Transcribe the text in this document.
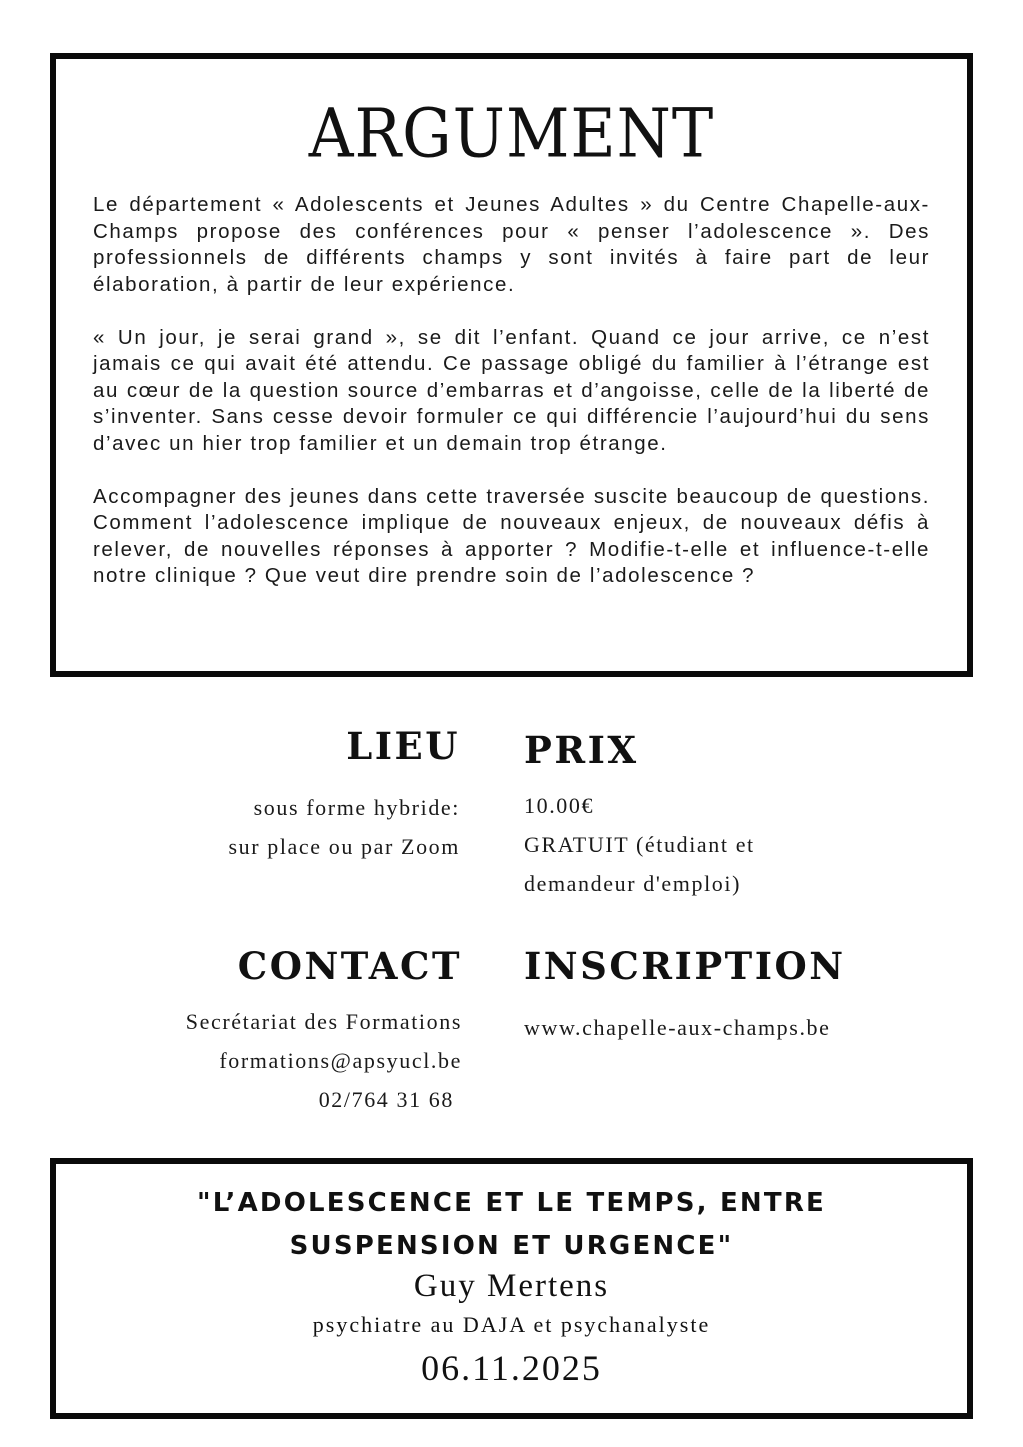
ARGUMENT

Le département « Adolescents et Jeunes Adultes » du Centre Chapelle-aux-Champs propose des conférences pour « penser l’adolescence ». Des professionnels de différents champs y sont invités à faire part de leur élaboration, à partir de leur expérience.

« Un jour, je serai grand », se dit l’enfant. Quand ce jour arrive, ce n’est jamais ce qui avait été attendu. Ce passage obligé du familier à l’étrange est au cœur de la question source d’embarras et d’angoisse, celle de la liberté de s’inventer. Sans cesse devoir formuler ce qui différencie l’aujourd’hui du sens d’avec un hier trop familier et un demain trop étrange.

Accompagner des jeunes dans cette traversée suscite beaucoup de questions. Comment l’adolescence implique de nouveaux enjeux, de nouveaux défis à relever, de nouvelles réponses à apporter ? Modifie-t-elle et influence-t-elle notre clinique ? Que veut dire prendre soin de l’adolescence ?

LIEU
sous forme hybride:
sur place ou par Zoom
PRIX
10.00€
GRATUIT (étudiant et
demandeur d'emploi)
CONTACT
Secrétariat des Formations
formations@apsyucl.be
02/764 31 68
INSCRIPTION
www.chapelle-aux-champs.be
"L’ADOLESCENCE ET LE TEMPS, ENTRE
SUSPENSION ET URGENCE"
Guy Mertens
psychiatre au DAJA et psychanalyste
06.11.2025
